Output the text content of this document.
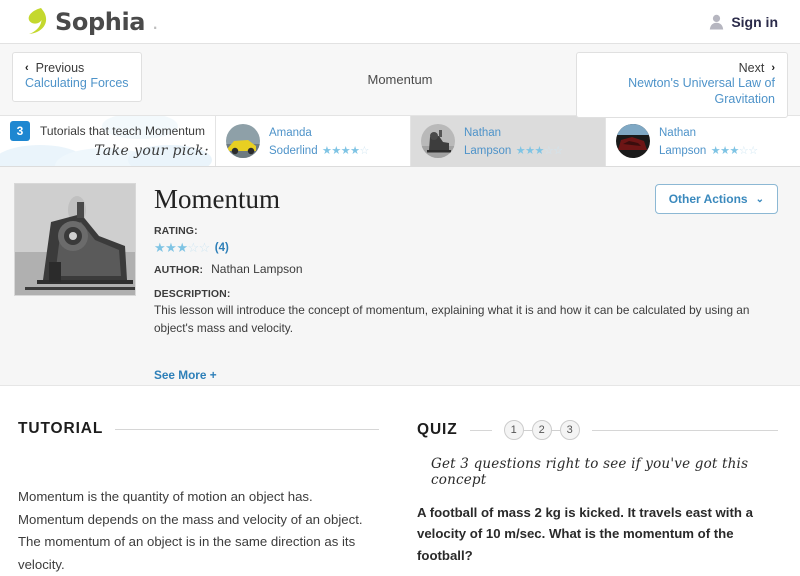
Sophia .	Sign in
‹ Previous
Calculating Forces	Momentum
Next ›
Newton's Universal Law of Gravitation
3	Tutorials that teach Momentum
Take your pick:
Amanda
Soderlind ★★★★☆
Nathan
Lampson ★★★☆☆
Nathan
Lampson ★★★☆☆
Momentum
RATING:
★★★☆☆ (4)
AUTHOR: Nathan Lampson
DESCRIPTION:
This lesson will introduce the concept of momentum, explaining what it is and how it can be calculated by using an object's mass and velocity.
See More +
Other Actions ⌄
TUTORIAL
Momentum is the quantity of motion an object has. Momentum depends on the mass and velocity of an object. The momentum of an object is in the same direction as its velocity.
QUIZ	1	2	3
Get 3 questions right to see if you've got this concept
A football of mass 2 kg is kicked. It travels east with a velocity of 10 m/sec. What is the momentum of the football?
